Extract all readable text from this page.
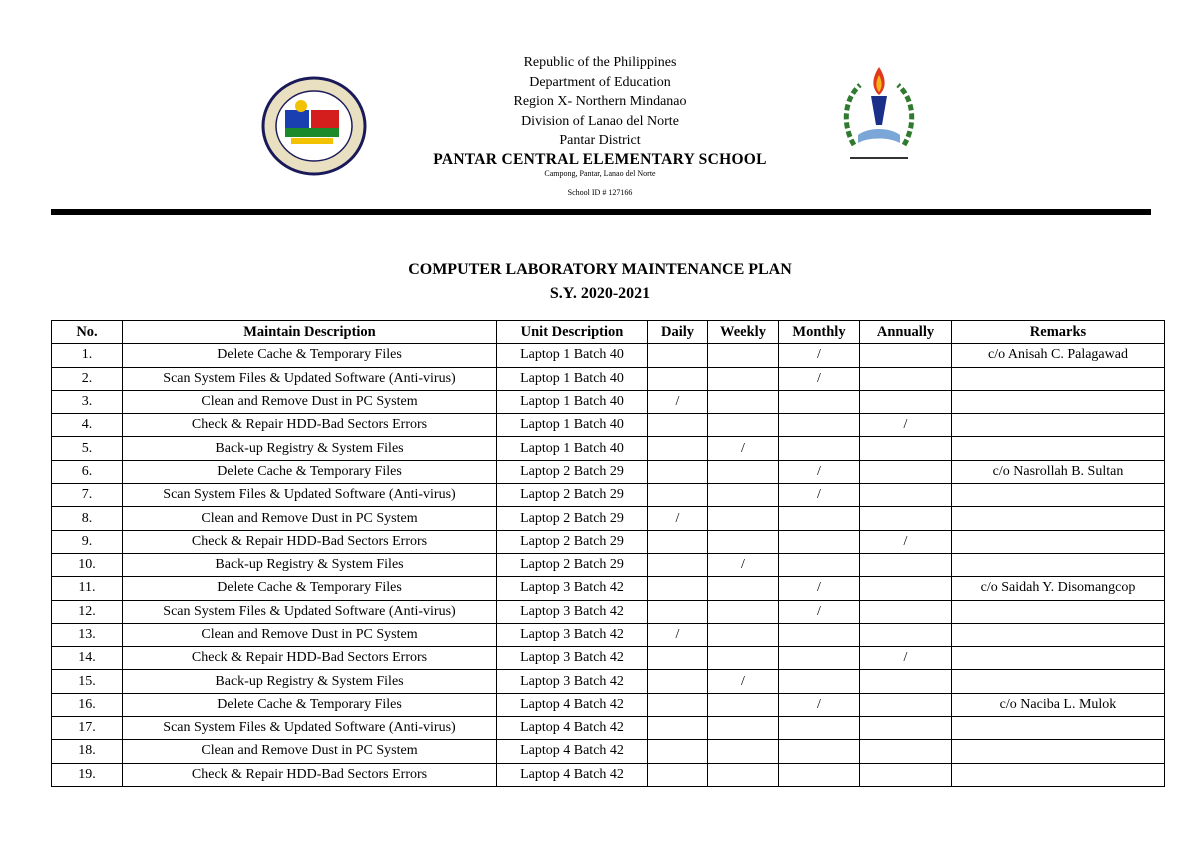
Republic of the Philippines
Department of Education
Region X- Northern Mindanao
Division of Lanao del Norte
Pantar District
PANTAR CENTRAL ELEMENTARY SCHOOL
Campong, Pantar, Lanao del Norte
School ID # 127166
COMPUTER LABORATORY MAINTENANCE PLAN
S.Y. 2020-2021
No.	Maintain Description	Unit Description	Daily	Weekly	Monthly	Annually	Remarks
1.	Delete Cache & Temporary Files	Laptop 1 Batch 40			/		c/o Anisah C. Palagawad
2.	Scan System Files & Updated Software (Anti-virus)	Laptop 1 Batch 40			/		
3.	Clean and Remove Dust in PC System	Laptop 1 Batch 40	/				
4.	Check & Repair HDD-Bad Sectors Errors	Laptop 1 Batch 40				/	
5.	Back-up Registry & System Files	Laptop 1 Batch 40		/			
6.	Delete Cache & Temporary Files	Laptop 2 Batch 29			/		c/o Nasrollah B. Sultan
7.	Scan System Files & Updated Software (Anti-virus)	Laptop 2 Batch 29			/		
8.	Clean and Remove Dust in PC System	Laptop 2 Batch 29	/				
9.	Check & Repair HDD-Bad Sectors Errors	Laptop 2 Batch 29				/	
10.	Back-up Registry & System Files	Laptop 2 Batch 29		/			
11.	Delete Cache & Temporary Files	Laptop 3 Batch 42			/		c/o Saidah Y. Disomangcop
12.	Scan System Files & Updated Software (Anti-virus)	Laptop 3 Batch 42			/		
13.	Clean and Remove Dust in PC System	Laptop 3 Batch 42	/				
14.	Check & Repair HDD-Bad Sectors Errors	Laptop 3 Batch 42				/	
15.	Back-up Registry & System Files	Laptop 3 Batch 42		/			
16.	Delete Cache & Temporary Files	Laptop 4 Batch 42			/		c/o Naciba L. Mulok
17.	Scan System Files & Updated Software (Anti-virus)	Laptop 4 Batch 42					
18.	Clean and Remove Dust in PC System	Laptop 4 Batch 42					
19.	Check & Repair HDD-Bad Sectors Errors	Laptop 4 Batch 42					
